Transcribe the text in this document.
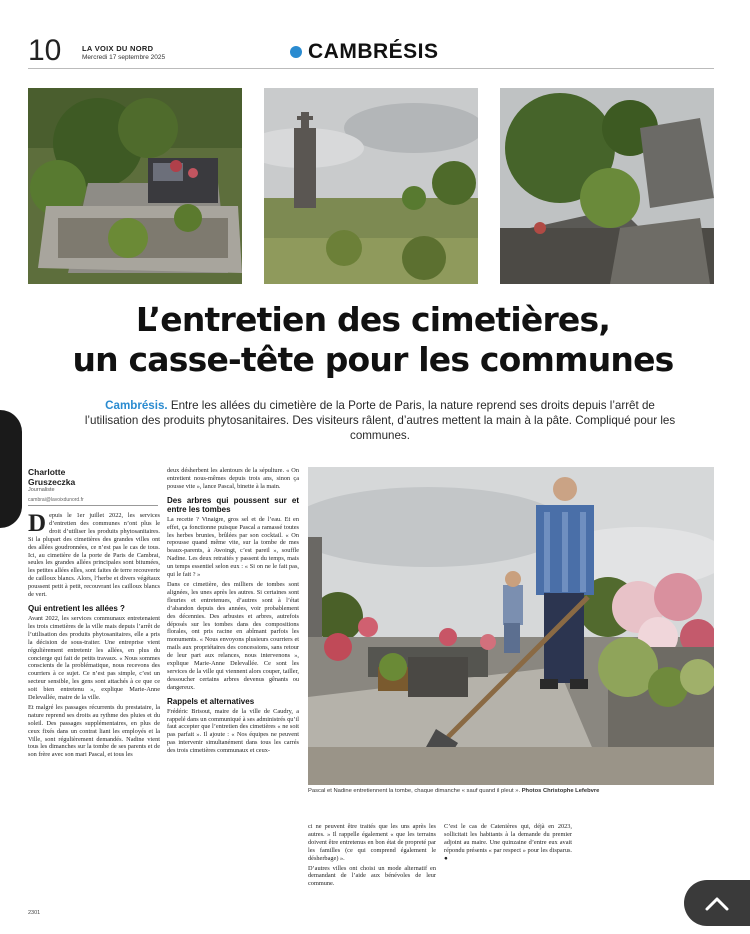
10	LA VOIX DU NORD
Mercredi 17 septembre 2025	CAMBRÉSIS
L’entretien des cimetières,
un casse-tête pour les communes

Cambrésis. Entre les allées du cimetière de la Porte de Paris, la nature reprend ses droits depuis l’arrêt de l’utilisation des produits phytosanitaires. Des visiteurs râlent, d’autres mettent la main à la pâte. Compliqué pour les communes.

Charlotte
Gruszeczka
Journaliste
cambrai@lavoixdunord.fr

Depuis le 1er juillet 2022, les services d’entretien des communes n’ont plus le droit d’utiliser les produits phytosanitaires. Si la plupart des cimetières des grandes villes ont des allées goudronnées, ce n’est pas le cas de tous. Ici, au cimetière de la porte de Paris de Cambrai, seules les grandes allées principales sont bitumées, les petites allées elles, sont faites de terre recouverte de cailloux blancs. Alors, l’herbe et divers végétaux poussent petit à petit, recouvrant les cailloux blancs de vert.

Qui entretient les allées ?

Avant 2022, les services communaux entretenaient les trois cimetières de la ville mais depuis l’arrêt de l’utilisation des produits phytosanitaires, elle a pris la décision de sous-traiter. Une entreprise vient régulièrement entretenir les allées, en plus du concierge qui fait de petits travaux. « Nous sommes conscients de la problématique, nous recevons des courriers à ce sujet. Ce n’est pas simple, c’est un secteur sensible, les gens sont attachés à ce que ce soit bien entretenu », explique Marie-Anne Delevallée, maire de la ville.

Et malgré les passages récurrents du prestataire, la nature reprend ses droits au rythme des pluies et du soleil. Des passages supplémentaires, en plus de ceux fixés dans un contrat liant les employés et la Ville, sont régulièrement demandés. Nadine vient tous les dimanches sur la tombe de ses parents et de son frère avec son mari Pascal, et tous les

deux désherbent les alentours de la sépulture. « On entretient nous-mêmes depuis trois ans, sinon ça pousse vite », lance Pascal, binette à la main.

Des arbres qui poussent sur et entre les tombes

La recette ? Vinaigre, gros sel et de l’eau. Et en effet, ça fonctionne puisque Pascal a ramassé toutes les herbes brunies, brûlées par son cocktail. « On repousse quand même vite, sur la tombe de mes beaux-parents, à Awoingt, c’est pareil », souffle Nadine. Les deux retraités y passent du temps, mais un temps essentiel selon eux : « Si on ne le fait pas, qui le fait ? »

Dans ce cimetière, des milliers de tombes sont alignées, les unes après les autres. Si certaines sont fleuries et entretenues, d’autres sont à l’état d’abandon depuis des années, voir probablement des décennies. Des arbustes et arbres, autrefois déposés sur les tombes dans des compositions florales, ont pris racine en abîmant parfois les monuments. « Nous envoyons plusieurs courriers et mails aux propriétaires des concessions, sans retour de leur part aux relances, nous intervenons », explique Marie-Anne Delevallée. Ce sont les services de la ville qui viennent alors couper, tailler, dessoucher certains arbres devenus gênants ou dangereux.

Rappels et alternatives

Frédéric Brisout, maire de la ville de Caudry, a rappelé dans un communiqué à ses administrés qu’il faut accepter que l’entretien des cimetières « ne soit pas parfait ». Il ajoute : « Nos équipes ne peuvent pas intervenir simultanément dans tous les carrés des trois cimetières communaux et ceux-

Pascal et Nadine entretiennent la tombe, chaque dimanche « sauf quand il pleut ». Photos Christophe Lefebvre

ci ne peuvent être traités que les uns après les autres. » Il rappelle également « que les terrains doivent être entretenus en bon état de propreté par les familles (ce qui comprend également le désherbage) ».

D’autres villes ont choisi un mode alternatif en demandant de l’aide aux bénévoles de leur commune.

C’est le cas de Catenières qui, déjà en 2023, sollicitait les habitants à la demande du premier adjoint au maire. Une quinzaine d’entre eux avait répondu présents « par respect » pour les disparus. ●

2301
